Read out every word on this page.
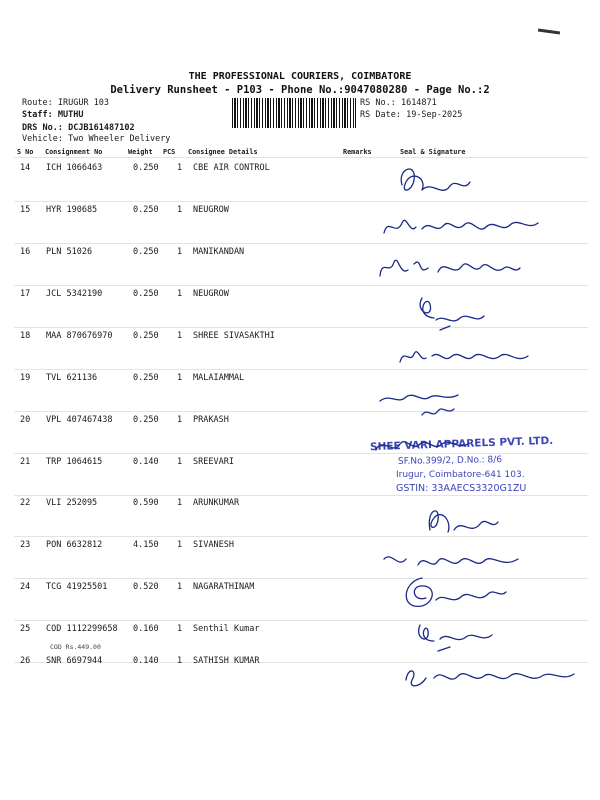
THE PROFESSIONAL COURIERS, COIMBATORE
Delivery Runsheet - P103 - Phone No.:9047080280 - Page No.:2
Route: IRUGUR 103
Staff: MUTHU
DRS No.: DCJB161487102
Vehicle: Two Wheeler Delivery
RS No.: 1614871
RS Date: 19-Sep-2025
S No Consignment No	Weight PCS Consignee Details	Remarks	Seal & Signature
14 ICH 1066463	0.250 1 CBE AIR CONTROL
15 HYR 190685	0.250 1 NEUGROW
16 PLN 51026	0.250 1 MANIKANDAN
17 JCL 5342190	0.250 1 NEUGROW
18 MAA 870676970 0.250 1 SHREE SIVASAKTHI
19 TVL 621136	0.250 1 MALAIAMMAL
20 VPL 407467438 0.250 1 PRAKASH
21 TRP 1064615	0.140 1 SREEVARI
22 VLI 252095	0.590 1 ARUNKUMAR
23 PON 6632812	4.150 1 SIVANESH
24 TCG 41925501	0.520 1 NAGARATHINAM
25 COD 1112299658 0.160 1 Senthil Kumar
26 SNR 6697944	0.140 1 SATHISH KUMAR
COD Rs.449.00
SHEE VARI APPARELS PVT. LTD.
SF.No.399/2, D.No.: 8/6
Irugur, Coimbatore-641 103.
GSTIN: 33AAECS3320G1ZU
